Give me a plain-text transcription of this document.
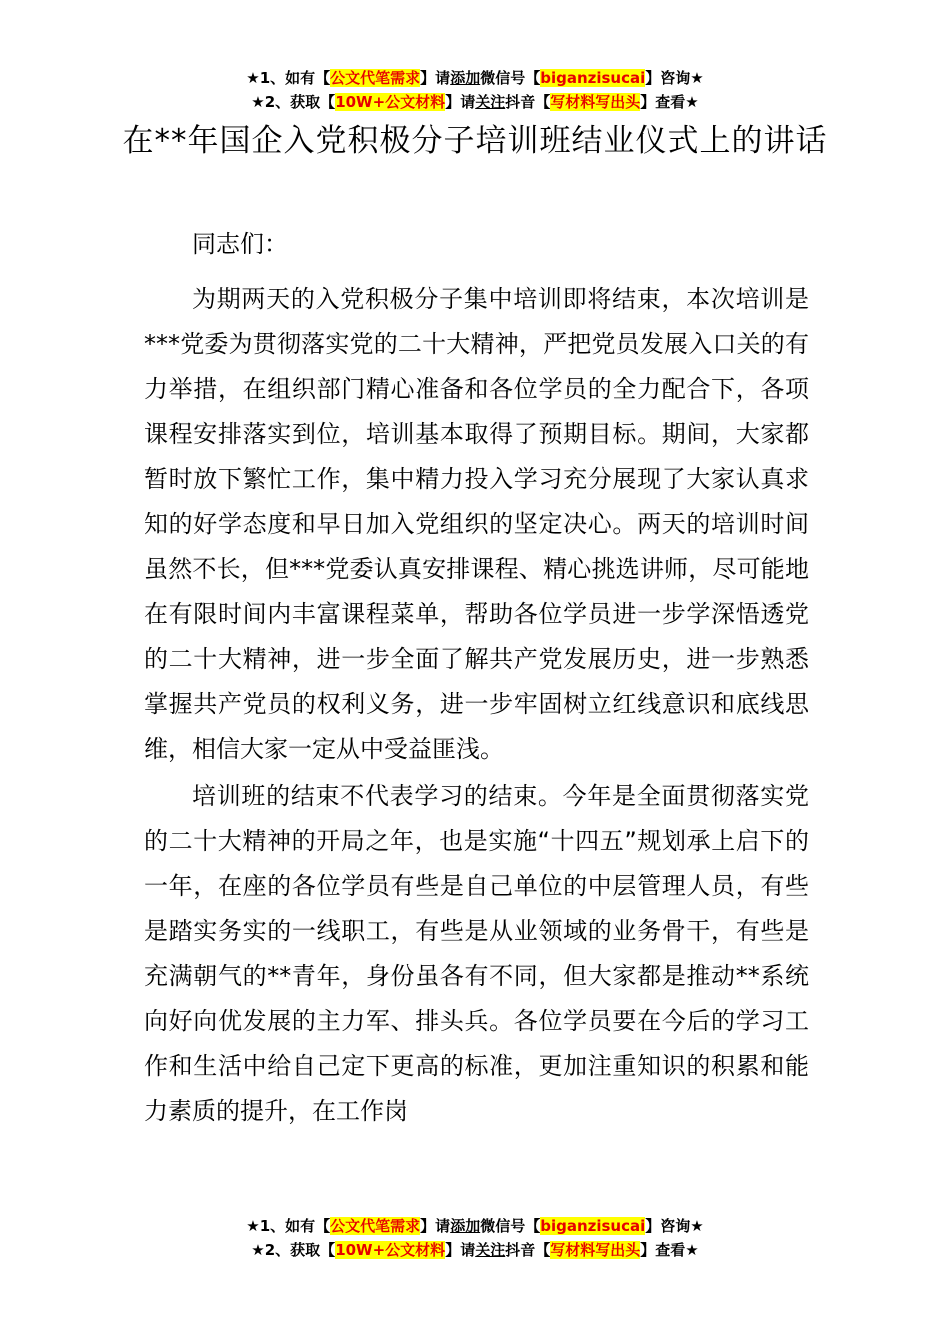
★1、如有【公文代笔需求】请添加微信号【biganzisucai】咨询★
★2、获取【10W+公文材料】请关注抖音【写材料写出头】查看★
在**年国企入党积极分子培训班结业仪式上的讲话

同志们：

为期两天的入党积极分子集中培训即将结束，本次培训是***党委为贯彻落实党的二十大精神，严把党员发展入口关的有力举措，在组织部门精心准备和各位学员的全力配合下，各项课程安排落实到位，培训基本取得了预期目标。期间，大家都暂时放下繁忙工作，集中精力投入学习充分展现了大家认真求知的好学态度和早日加入党组织的坚定决心。两天的培训时间虽然不长，但***党委认真安排课程、精心挑选讲师，尽可能地在有限时间内丰富课程菜单，帮助各位学员进一步学深悟透党的二十大精神，进一步全面了解共产党发展历史，进一步熟悉掌握共产党员的权利义务，进一步牢固树立红线意识和底线思维，相信大家一定从中受益匪浅。

培训班的结束不代表学习的结束。今年是全面贯彻落实党的二十大精神的开局之年，也是实施“十四五”规划承上启下的一年，在座的各位学员有些是自己单位的中层管理人员，有些是踏实务实的一线职工，有些是从业领域的业务骨干，有些是充满朝气的**青年，身份虽各有不同，但大家都是推动**系统向好向优发展的主力军、排头兵。各位学员要在今后的学习工作和生活中给自己定下更高的标准，更加注重知识的积累和能力素质的提升，在工作岗

★1、如有【公文代笔需求】请添加微信号【biganzisucai】咨询★
★2、获取【10W+公文材料】请关注抖音【写材料写出头】查看★
